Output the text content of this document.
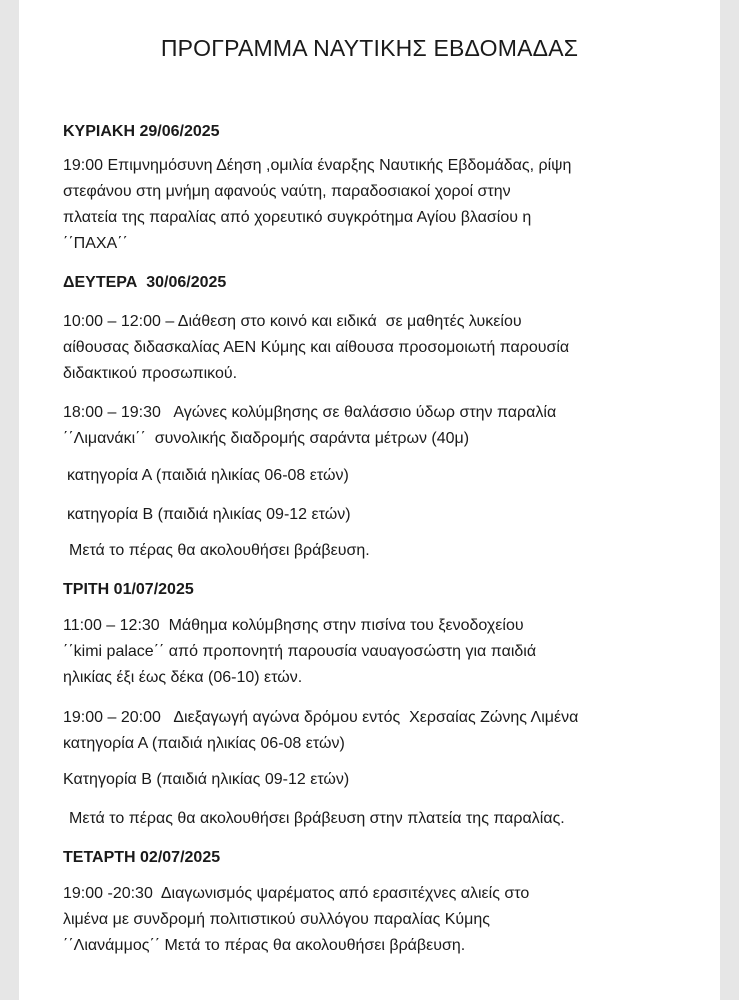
ΠΡΟΓΡΑΜΜΑ ΝΑΥΤΙΚΗΣ ΕΒΔΟΜΑΔΑΣ
ΚΥΡΙΑΚΗ 29/06/2025
19:00 Επιμνημόσυνη Δέηση ,ομιλία έναρξης Ναυτικής Εβδομάδας, ρίψη
στεφάνου στη μνήμη αφανούς ναύτη, παραδοσιακοί χοροί στην
πλατεία της παραλίας από χορευτικό συγκρότημα Αγίου βλασίου η
΄΄ΠΑΧΑ΄΄
ΔΕΥΤΕΡΑ  30/06/2025
10:00 – 12:00 – Διάθεση στο κοινό και ειδικά  σε μαθητές λυκείου
αίθουσας διδασκαλίας ΑΕΝ Κύμης και αίθουσα προσομοιωτή παρουσία
διδακτικού προσωπικού.
18:00 – 19:30   Αγώνες κολύμβησης σε θαλάσσιο ύδωρ στην παραλία
΄΄Λιμανάκι΄΄  συνολικής διαδρομής σαράντα μέτρων (40μ)
κατηγορία Α (παιδιά ηλικίας 06-08 ετών)
κατηγορία Β (παιδιά ηλικίας 09-12 ετών)
Μετά το πέρας θα ακολουθήσει βράβευση.
ΤΡΙΤΗ 01/07/2025
11:00 – 12:30  Μάθημα κολύμβησης στην πισίνα του ξενοδοχείου
΄΄kimi palace΄΄ από προπονητή παρουσία ναυαγοσώστη για παιδιά
ηλικίας έξι έως δέκα (06-10) ετών.
19:00 – 20:00   Διεξαγωγή αγώνα δρόμου εντός  Χερσαίας Ζώνης Λιμένα
κατηγορία Α (παιδιά ηλικίας 06-08 ετών)
Κατηγορία Β (παιδιά ηλικίας 09-12 ετών)
Μετά το πέρας θα ακολουθήσει βράβευση στην πλατεία της παραλίας.
ΤΕΤΑΡΤΗ 02/07/2025
19:00 -20:30  Διαγωνισμός ψαρέματος από ερασιτέχνες αλιείς στο
λιμένα με συνδρομή πολιτιστικού συλλόγου παραλίας Κύμης
΄΄Λιανάμμος΄΄ Μετά το πέρας θα ακολουθήσει βράβευση.
